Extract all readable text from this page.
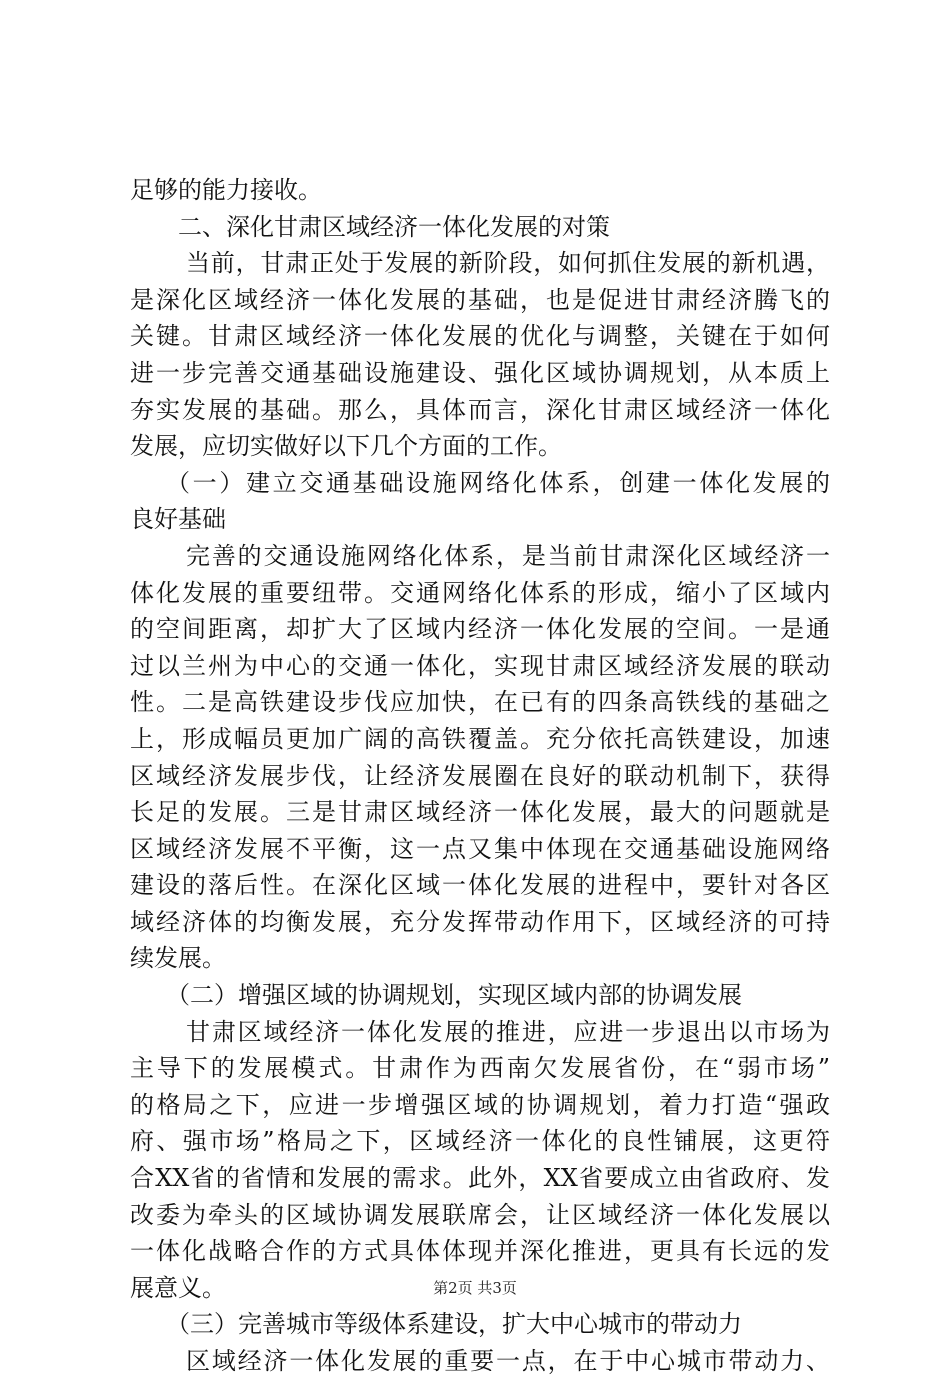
足够的能力接收。
二、深化甘肃区域经济一体化发展的对策
当前，甘肃正处于发展的新阶段，如何抓住发展的新机遇，
是深化区域经济一体化发展的基础，也是促进甘肃经济腾飞的
关键。甘肃区域经济一体化发展的优化与调整，关键在于如何
进一步完善交通基础设施建设、强化区域协调规划，从本质上
夯实发展的基础。那么，具体而言，深化甘肃区域经济一体化
发展，应切实做好以下几个方面的工作。
（一）建立交通基础设施网络化体系，创建一体化发展的
良好基础
完善的交通设施网络化体系，是当前甘肃深化区域经济一
体化发展的重要纽带。交通网络化体系的形成，缩小了区域内
的空间距离，却扩大了区域内经济一体化发展的空间。一是通
过以兰州为中心的交通一体化，实现甘肃区域经济发展的联动
性。二是高铁建设步伐应加快，在已有的四条高铁线的基础之
上，形成幅员更加广阔的高铁覆盖。充分依托高铁建设，加速
区域经济发展步伐，让经济发展圈在良好的联动机制下，获得
长足的发展。三是甘肃区域经济一体化发展，最大的问题就是
区域经济发展不平衡，这一点又集中体现在交通基础设施网络
建设的落后性。在深化区域一体化发展的进程中，要针对各区
域经济体的均衡发展，充分发挥带动作用下，区域经济的可持
续发展。
（二）增强区域的协调规划，实现区域内部的协调发展
甘肃区域经济一体化发展的推进，应进一步退出以市场为
主导下的发展模式。甘肃作为西南欠发展省份，在“弱市场”
的格局之下，应进一步增强区域的协调规划，着力打造“强政
府、强市场”格局之下，区域经济一体化的良性铺展，这更符
合XX省的省情和发展的需求。此外，XX省要成立由省政府、发
改委为牵头的区域协调发展联席会，让区域经济一体化发展以
一体化战略合作的方式具体体现并深化推进，更具有长远的发
展意义。
（三）完善城市等级体系建设，扩大中心城市的带动力
区域经济一体化发展的重要一点，在于中心城市带动力、
第2页 共3页
